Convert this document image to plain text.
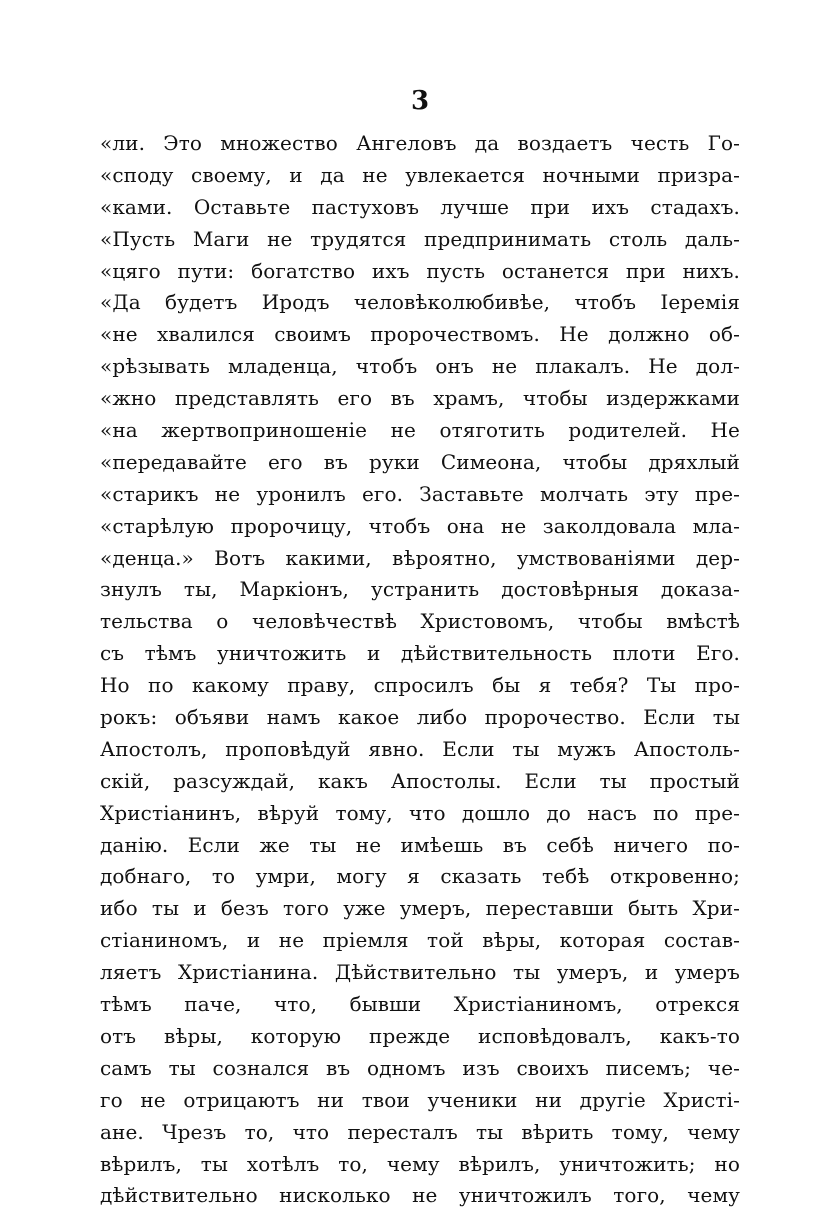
3
«ли. Это множество Ангеловъ да воздаетъ честь Го-
«споду своему, и да не увлекается ночными призра-
«ками. Оставьте пастуховъ лучше при ихъ стадахъ.
«Пусть Маги не трудятся предпринимать столь даль-
«цяго пути: богатство ихъ пусть останется при нихъ.
«Да будетъ Иродъ человѣколюбивѣе, чтобъ Іеремія
«не хвалился своимъ пророчествомъ. Не должно об-
«рѣзывать младенца, чтобъ онъ не плакалъ. Не дол-
«жно представлять его въ храмъ, чтобы издержками
«на жертвоприношеніе не отяготить родителей. Не
«передавайте его въ руки Симеона, чтобы дряхлый
«старикъ не уронилъ его. Заставьте молчать эту пре-
«старѣлую пророчицу, чтобъ она не заколдовала мла-
«денца.» Вотъ какими, вѣроятно, умствованіями дер-
знулъ ты, Маркіонъ, устранить достовѣрныя доказа-
тельства о человѣчествѣ Христовомъ, чтобы вмѣстѣ
съ тѣмъ уничтожить и дѣйствительность плоти Его.
Но по какому праву, спросилъ бы я тебя? Ты про-
рокъ: объяви намъ какое либо пророчество. Если ты
Апостолъ, проповѣдуй явно. Если ты мужъ Апостоль-
скій, разсуждай, какъ Апостолы. Если ты простый
Христіанинъ, вѣруй тому, что дошло до насъ по пре-
данію. Если же ты не имѣешь въ себѣ ничего по-
добнаго, то умри, могу я сказать тебѣ откровенно;
ибо ты и безъ того уже умеръ, переставши быть Хри-
стіаниномъ, и не пріемля той вѣры, которая состав-
ляетъ Христіанина. Дѣйствительно ты умеръ, и умеръ
тѣмъ паче, что, бывши Христіаниномъ, отрекся
отъ вѣры, которую прежде исповѣдовалъ, какъ-то
самъ ты сознался въ одномъ изъ своихъ писемъ; че-
го не отрицаютъ ни твои ученики ни другіе Христі-
ане. Чрезъ то, что пересталъ ты вѣрить тому, чему
вѣрилъ, ты хотѣлъ то, чему вѣрилъ, уничтожить; но
дѣйствительно нисколько не уничтожилъ того, чему
